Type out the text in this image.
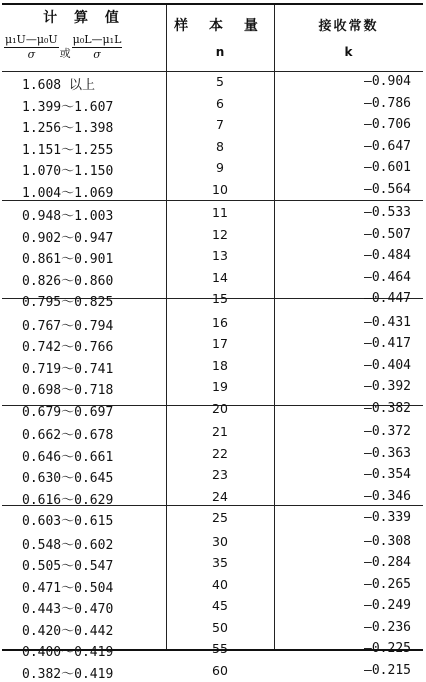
计 算 值
$\frac{\text{μ₁U—μ₀U}}{\sigma}$ 或 $\frac{\text{μ₀L—μ₁L}}{\sigma}$
样 本 量
n
接收常数
k
1.608 以上	5	—0.904
1.399～1.607	6	—0.786
1.256～1.398	7	—0.706
1.151～1.255	8	—0.647
1.070～1.150	9	—0.601
1.004～1.069	10	—0.564
0.948～1.003	11	—0.533
0.902～0.947	12	—0.507
0.861～0.901	13	—0.484
0.826～0.860	14	—0.464
0.795～0.825	15	—0.447
0.767～0.794	16	—0.431
0.742～0.766	17	—0.417
0.719～0.741	18	—0.404
0.698～0.718	19	—0.392
0.679～0.697	20	—0.382
0.662～0.678	21	—0.372
0.646～0.661	22	—0.363
0.630～0.645	23	—0.354
0.616～0.629	24	—0.346
0.603～0.615	25	—0.339
0.548～0.602	30	—0.308
0.505～0.547	35	—0.284
0.471～0.504	40	—0.265
0.443～0.470	45	—0.249
0.420～0.442	50	—0.236
0.400～0.419	55	—0.225
0.382～0.419	60	—0.215
